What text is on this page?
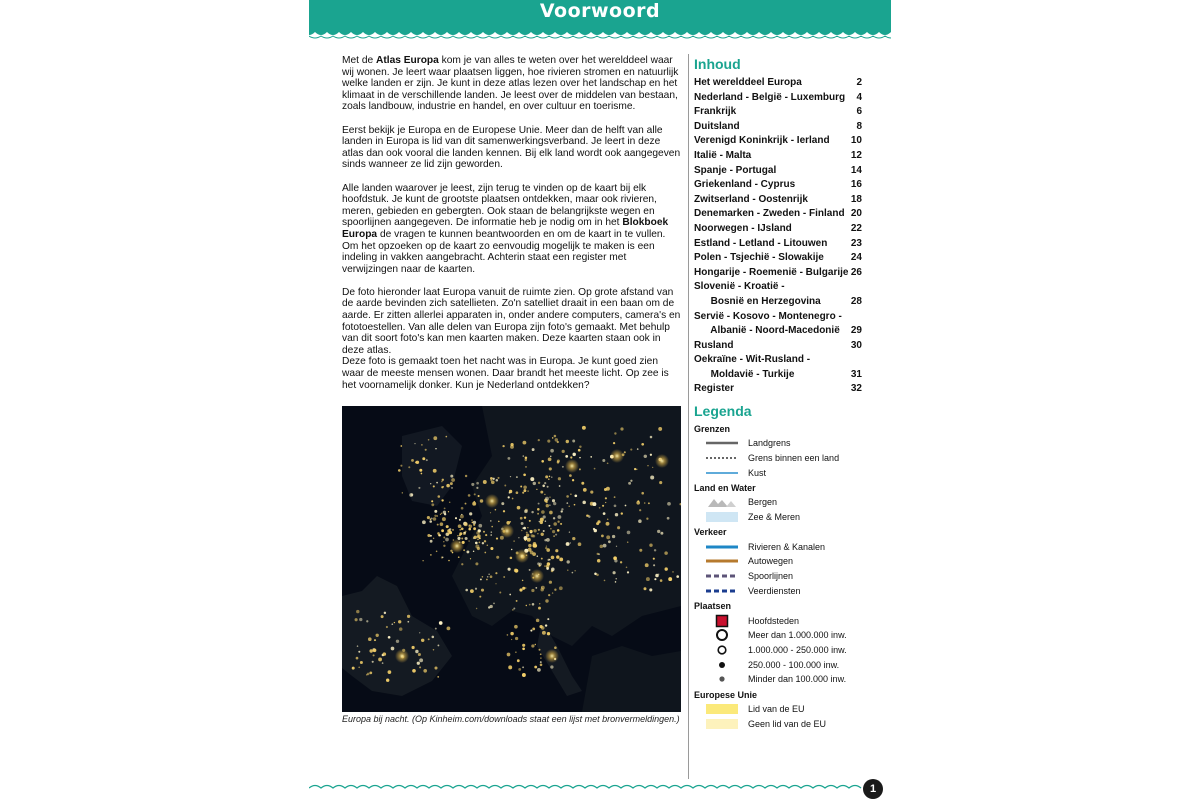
Voorwoord

Met de Atlas Europa kom je van alles te weten over het werelddeel waar wij wonen. Je leert waar plaatsen liggen, hoe rivieren stromen en natuurlijk welke landen er zijn. Je kunt in deze atlas lezen over het landschap en het klimaat in de verschillende landen. Je leest over de middelen van bestaan, zoals landbouw, industrie en handel, en over cultuur en toerisme.

Eerst bekijk je Europa en de Europese Unie. Meer dan de helft van alle landen in Europa is lid van dit samenwerkingsverband. Je leert in deze atlas dan ook vooral die landen kennen. Bij elk land wordt ook aangegeven sinds wanneer ze lid zijn geworden.

Alle landen waarover je leest, zijn terug te vinden op de kaart bij elk hoofdstuk. Je kunt de grootste plaatsen ontdekken, maar ook rivieren, meren, gebieden en gebergten. Ook staan de belangrijkste wegen en spoorlijnen aangegeven. De informatie heb je nodig om in het Blokboek Europa de vragen te kunnen beantwoorden en om de kaart in te vullen. Om het opzoeken op de kaart zo eenvoudig mogelijk te maken is een indeling in vakken aangebracht. Achterin staat een register met verwijzingen naar de kaarten.

De foto hieronder laat Europa vanuit de ruimte zien. Op grote afstand van de aarde bevinden zich satellieten. Zo'n satelliet draait in een baan om de aarde. Er zitten allerlei apparaten in, onder andere computers, camera's en fototoestellen. Van alle delen van Europa zijn foto's gemaakt. Met behulp van dit soort foto's kan men kaarten maken. Deze kaarten staan ook in deze atlas.

Deze foto is gemaakt toen het nacht was in Europa. Je kunt goed zien waar de meeste mensen wonen. Daar brandt het meeste licht. Op zee is het voornamelijk donker. Kun je Nederland ontdekken?

Europa bij nacht. (Op Kinheim.com/downloads staat een lijst met bronvermeldingen.)
Inhoud
Het werelddeel Europa	2
Nederland - België - Luxemburg 4
Frankrijk	6
Duitsland	8
Verenigd Koninkrijk - Ierland 10
Italië - Malta	12
Spanje - Portugal	14
Griekenland - Cyprus	16
Zwitserland - Oostenrijk	18
Denemarken - Zweden - Finland 20
Noorwegen - IJsland	22
Estland - Letland - Litouwen 23
Polen - Tsjechië - Slowakije	24
Hongarije - Roemenië - Bulgarije 26
Slovenië - Kroatië -
Bosnië en Herzegovina	28
Servië - Kosovo - Montenegro -
Albanië - Noord-Macedonië 29
Rusland	30
Oekraïne - Wit-Rusland -
Moldavië - Turkije	31
Register	32
Legenda
Grenzen
Landgrens
Grens binnen een land
Kust
Land en Water
Bergen
Zee & Meren
Verkeer
Rivieren & Kanalen
Autowegen
Spoorlijnen
Veerdiensten
Plaatsen
Hoofdsteden
Meer dan 1.000.000 inw.
1.000.000 - 250.000 inw.
250.000 - 100.000 inw.
Minder dan 100.000 inw.
Europese Unie
Lid van de EU
Geen lid van de EU
1
